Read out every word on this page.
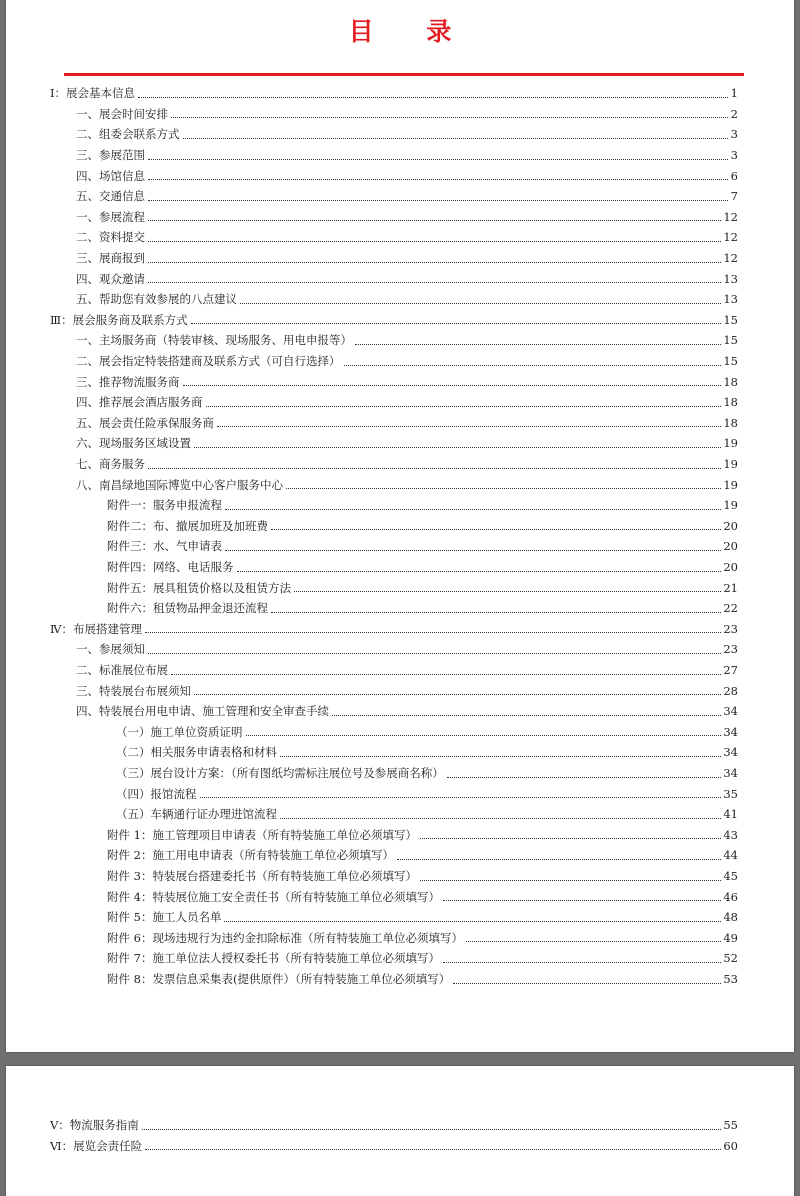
目 录
Ⅰ：展会基本信息	1
一、展会时间安排	2
二、组委会联系方式	3
三、参展范围	3
四、场馆信息	6
五、交通信息	7
一、参展流程	12
二、资料提交	12
三、展商报到	12
四、观众邀请	13
五、帮助您有效参展的八点建议	13
Ⅲ：展会服务商及联系方式	15
一、主场服务商（特装审核、现场服务、用电申报等）	15
二、展会指定特装搭建商及联系方式（可自行选择）	15
三、推荐物流服务商	18
四、推荐展会酒店服务商	18
五、展会责任险承保服务商	18
六、现场服务区域设置	19
七、商务服务	19
八、南昌绿地国际博览中心客户服务中心	19
附件一：服务申报流程	19
附件二：布、撤展加班及加班费	20
附件三：水、气申请表	20
附件四：网络、电话服务	20
附件五：展具租赁价格以及租赁方法	21
附件六：租赁物品押金退还流程	22
Ⅳ：布展搭建管理	23
一、参展须知	23
二、标准展位布展	27
三、特装展台布展须知	28
四、特装展台用电申请、施工管理和安全审查手续	34
（一）施工单位资质证明	34
（二）相关服务申请表格和材料	34
（三）展台设计方案：（所有图纸均需标注展位号及参展商名称）	34
（四）报馆流程	35
（五）车辆通行证办理进馆流程	41
附件 1：施工管理项目申请表（所有特装施工单位必须填写）	43
附件 2：施工用电申请表（所有特装施工单位必须填写）	44
附件 3：特装展台搭建委托书（所有特装施工单位必须填写）	45
附件 4：特装展位施工安全责任书（所有特装施工单位必须填写）	46
附件 5：施工人员名单	48
附件 6：现场违规行为违约金扣除标准（所有特装施工单位必须填写）	49
附件 7：施工单位法人授权委托书（所有特装施工单位必须填写）	52
附件 8：发票信息采集表(提供原件）（所有特装施工单位必须填写）	53
Ⅴ：物流服务指南	55
Ⅵ：展览会责任险	60
